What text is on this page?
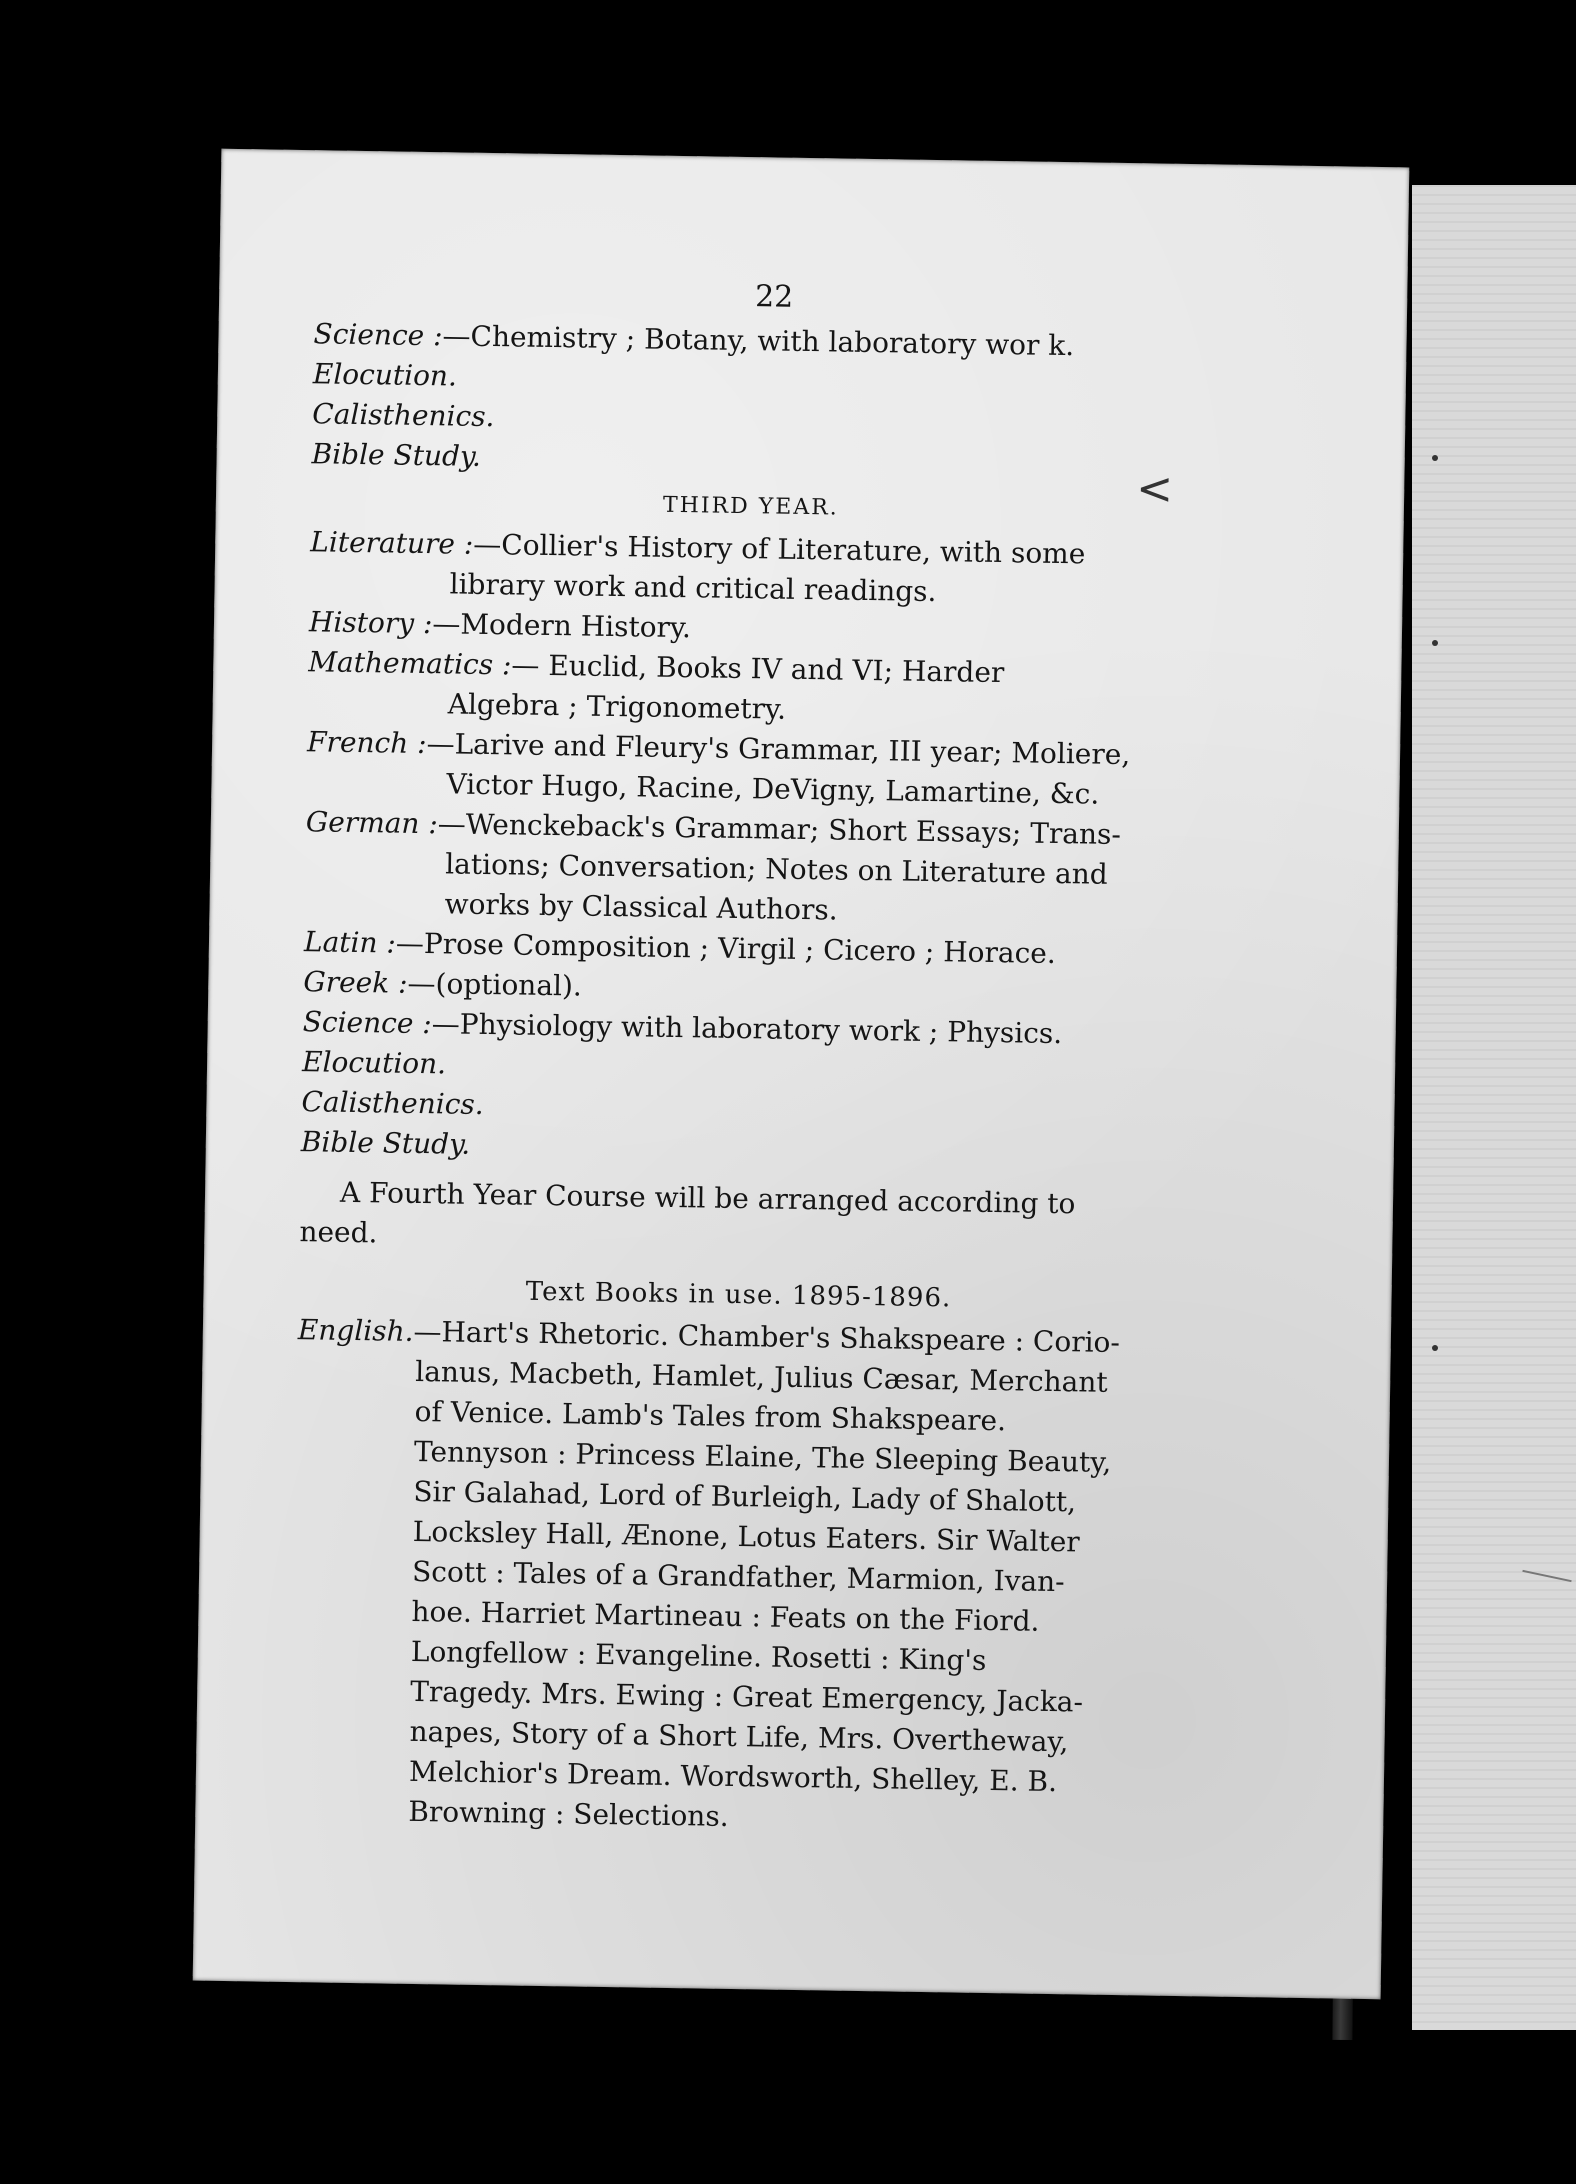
<
22
Science :—Chemistry ; Botany, with laboratory wor k.
Elocution.
Calisthenics.
Bible Study.
THIRD YEAR.
Literature :—Collier's History of Literature, with some
library work and critical readings.
History :—Modern History.
Mathematics :— Euclid, Books IV and VI; Harder
Algebra ; Trigonometry.
French :—Larive and Fleury's Grammar, III year; Moliere,
Victor Hugo, Racine, DeVigny, Lamartine, &c.
German :—Wenckeback's Grammar; Short Essays; Trans-
lations; Conversation; Notes on Literature and
works by Classical Authors.
Latin :—Prose Composition ; Virgil ; Cicero ; Horace.
Greek :—(optional).
Science :—Physiology with laboratory work ; Physics.
Elocution.
Calisthenics.
Bible Study.
A Fourth Year Course will be arranged according to
need.
Text Books in use. 1895-1896.
English.—Hart's Rhetoric. Chamber's Shakspeare : Corio-
lanus, Macbeth, Hamlet, Julius Cæsar, Merchant
of Venice. Lamb's Tales from Shakspeare.
Tennyson : Princess Elaine, The Sleeping Beauty,
Sir Galahad, Lord of Burleigh, Lady of Shalott,
Locksley Hall, Ænone, Lotus Eaters. Sir Walter
Scott : Tales of a Grandfather, Marmion, Ivan-
hoe. Harriet Martineau : Feats on the Fiord.
Longfellow : Evangeline. Rosetti : King's
Tragedy. Mrs. Ewing : Great Emergency, Jacka-
napes, Story of a Short Life, Mrs. Overtheway,
Melchior's Dream. Wordsworth, Shelley, E. B.
Browning : Selections.
